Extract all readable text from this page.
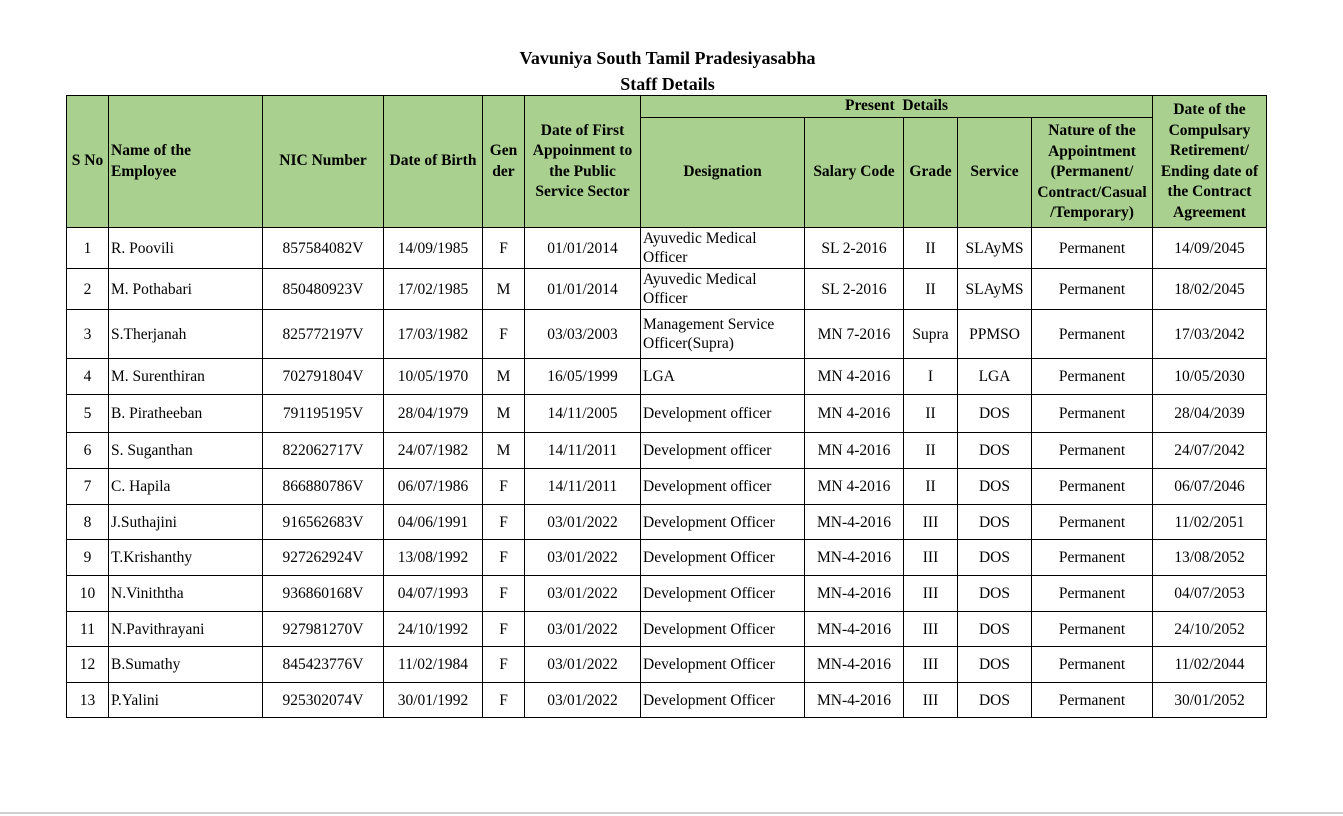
Vavuniya South Tamil Pradesiyasabha
Staff Details
S No	Name of the Employee	NIC Number	Date of Birth	Gen der	Date of First Appoinment to the Public Service Sector	Present  Details					Date of the Compulsary Retirement/ Ending date of the Contract Agreement
						Designation	Salary Code	Grade	Service	Nature of the Appointment (Permanent/ Contract/Casual /Temporary)	
1	R. Poovili	857584082V	14/09/1985	F	01/01/2014	Ayuvedic Medical Officer	SL 2-2016	II	SLAyMS	Permanent	14/09/2045
2	M. Pothabari	850480923V	17/02/1985	M	01/01/2014	Ayuvedic Medical Officer	SL 2-2016	II	SLAyMS	Permanent	18/02/2045
3	S.Therjanah	825772197V	17/03/1982	F	03/03/2003	Management Service Officer(Supra)	MN 7-2016	Supra	PPMSO	Permanent	17/03/2042
4	M. Surenthiran	702791804V	10/05/1970	M	16/05/1999	LGA	MN 4-2016	I	LGA	Permanent	10/05/2030
5	B. Piratheeban	791195195V	28/04/1979	M	14/11/2005	Development officer	MN 4-2016	II	DOS	Permanent	28/04/2039
6	S. Suganthan	822062717V	24/07/1982	M	14/11/2011	Development officer	MN 4-2016	II	DOS	Permanent	24/07/2042
7	C. Hapila	866880786V	06/07/1986	F	14/11/2011	Development officer	MN 4-2016	II	DOS	Permanent	06/07/2046
8	J.Suthajini	916562683V	04/06/1991	F	03/01/2022	Development Officer	MN-4-2016	III	DOS	Permanent	11/02/2051
9	T.Krishanthy	927262924V	13/08/1992	F	03/01/2022	Development Officer	MN-4-2016	III	DOS	Permanent	13/08/2052
10	N.Viniththa	936860168V	04/07/1993	F	03/01/2022	Development Officer	MN-4-2016	III	DOS	Permanent	04/07/2053
11	N.Pavithrayani	927981270V	24/10/1992	F	03/01/2022	Development Officer	MN-4-2016	III	DOS	Permanent	24/10/2052
12	B.Sumathy	845423776V	11/02/1984	F	03/01/2022	Development Officer	MN-4-2016	III	DOS	Permanent	11/02/2044
13	P.Yalini	925302074V	30/01/1992	F	03/01/2022	Development Officer	MN-4-2016	III	DOS	Permanent	30/01/2052
